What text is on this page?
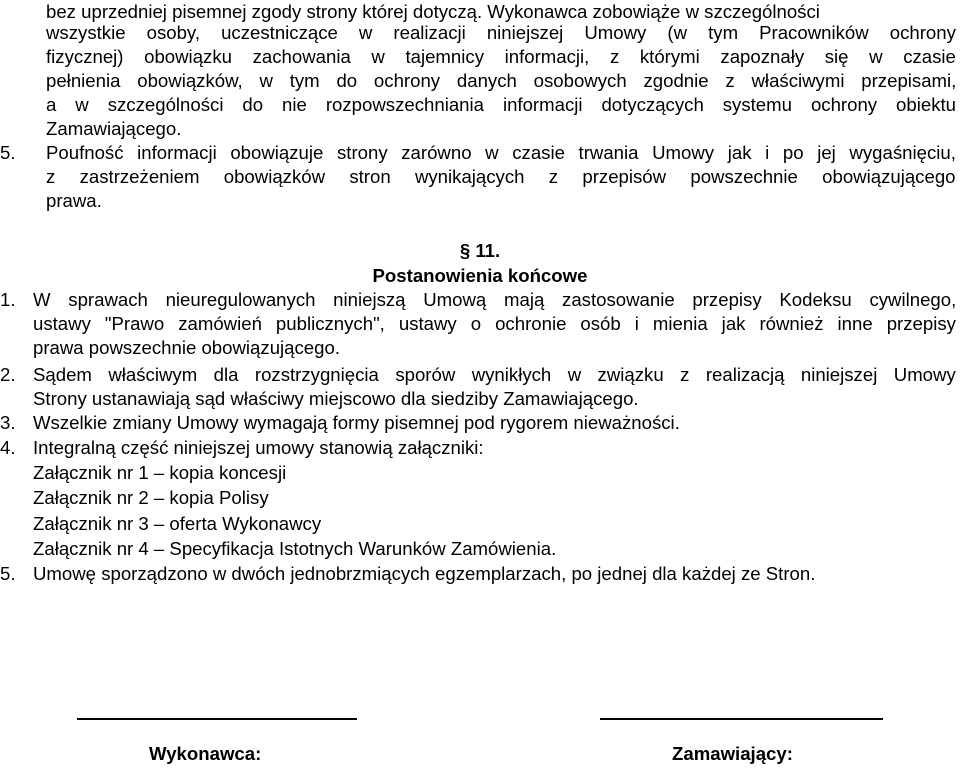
bez uprzedniej pisemnej zgody strony której dotyczą. Wykonawca zobowiąże w szczególności
wszystkie osoby, uczestniczące w realizacji niniejszej Umowy (w tym Pracowników ochrony
fizycznej) obowiązku zachowania w tajemnicy informacji, z którymi zapoznały się w czasie
pełnienia obowiązków, w tym do ochrony danych osobowych zgodnie z właściwymi przepisami,
a w szczególności do nie rozpowszechniania informacji dotyczących systemu ochrony obiektu
Zamawiającego.
5. Poufność informacji obowiązuje strony zarówno w czasie trwania Umowy jak i po jej wygaśnięciu,
z zastrzeżeniem obowiązków stron wynikających z przepisów powszechnie obowiązującego
prawa.
§ 11.
Postanowienia końcowe
1. W sprawach nieuregulowanych niniejszą Umową mają zastosowanie przepisy Kodeksu cywilnego,
ustawy "Prawo zamówień publicznych", ustawy o ochronie osób i mienia jak również inne przepisy
prawa powszechnie obowiązującego.
2. Sądem właściwym dla rozstrzygnięcia sporów wynikłych w związku z realizacją niniejszej Umowy
Strony ustanawiają sąd właściwy miejscowo dla siedziby Zamawiającego.
3. Wszelkie zmiany Umowy wymagają formy pisemnej pod rygorem nieważności.
4. Integralną część niniejszej umowy stanowią załączniki:
Załącznik nr 1 – kopia koncesji
Załącznik nr 2 – kopia Polisy
Załącznik nr 3 – oferta Wykonawcy
Załącznik nr 4 – Specyfikacja Istotnych Warunków Zamówienia.
5. Umowę sporządzono w dwóch jednobrzmiących egzemplarzach, po jednej dla każdej ze Stron.
Wykonawca:	Zamawiający:
